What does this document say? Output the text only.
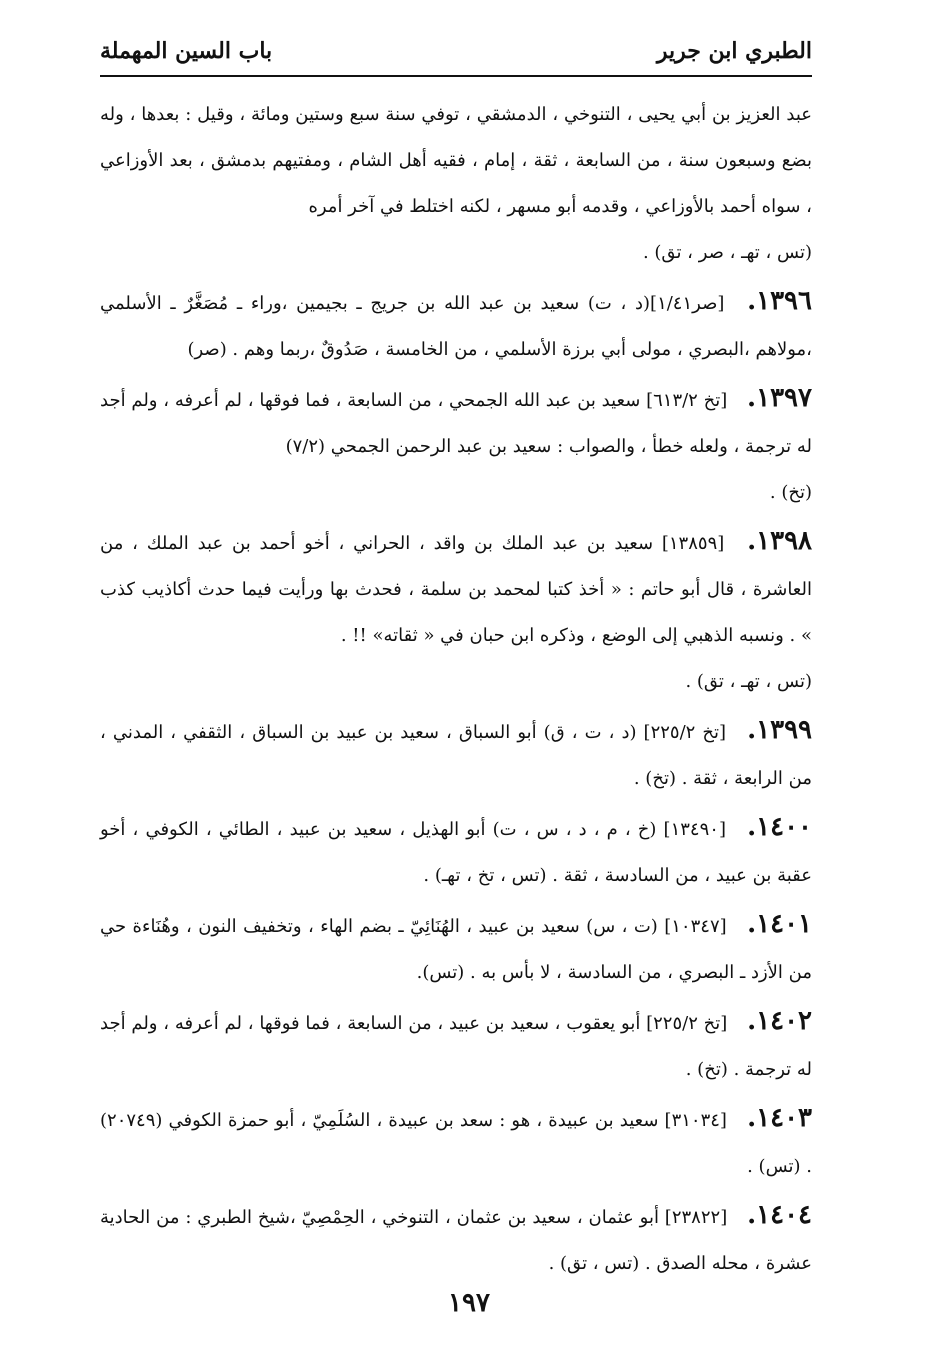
الطبري ابن جرير
باب السين المهملة
عبد العزيز بن أبي يحيى ، التنوخي ، الدمشقي ، توفي سنة سبع وستين ومائة ، وقيل : بعدها ، وله بضع وسبعون سنة ، من السابعة ، ثقة ، إمام ، فقيه أهل الشام ، ومفتيهم بدمشق ، بعد الأوزاعي ، سواه أحمد بالأوزاعي ، وقدمه أبو مسهر ، لكنه اختلط في آخر أمره
(تس ، تهـ ، صر ، تق) .
١٣٩٦. [صر١/٤١](د ، ت) سعيد بن عبد الله بن جريج ـ بجيمين ،وراء ـ مُصَغَّرٌ ـ الأسلمي ،مولاهم ،البصري ، مولى أبي برزة الأسلمي ، من الخامسة ، صَدُوقٌ ،ربما وهم . (صر)
١٣٩٧. [تخ ٦١٣/٢] سعيد بن عبد الله الجمحي ، من السابعة ، فما فوقها ، لم أعرفه ، ولم أجد له ترجمة ، ولعله خطأ ، والصواب : سعيد بن عبد الرحمن الجمحي (٧/٢)
(تخ) .
١٣٩٨. [١٣٨٥٩] سعيد بن عبد الملك بن واقد ، الحراني ، أخو أحمد بن عبد الملك ، من العاشرة ، قال أبو حاتم : « أخذ كتبا لمحمد بن سلمة ، فحدث بها ورأيت فيما حدث أكاذيب كذب » . ونسبه الذهبي إلى الوضع ، وذكره ابن حبان في « ثقاته» !! .
(تس ، تهـ ، تق) .
١٣٩٩. [تخ ٢٢٥/٢] (د ، ت ، ق) أبو السباق ، سعيد بن عبيد بن السباق ، الثقفي ، المدني ، من الرابعة ، ثقة . (تخ) .
١٤٠٠. [١٣٤٩٠] (خ ، م ، د ، س ، ت) أبو الهذيل ، سعيد بن عبيد ، الطائي ، الكوفي ، أخو عقبة بن عبيد ، من السادسة ، ثقة . (تس ، تخ ، تهـ) .
١٤٠١. [١٠٣٤٧] (ت ، س) سعيد بن عبيد ، الهُنَائِيّ ـ بضم الهاء ، وتخفيف النون ، وهُنَاءة حي من الأزد ـ البصري ، من السادسة ، لا بأس به . (تس).
١٤٠٢. [تخ ٢٢٥/٢] أبو يعقوب ، سعيد بن عبيد ، من السابعة ، فما فوقها ، لم أعرفه ، ولم أجد له ترجمة . (تخ) .
١٤٠٣. [٣١٠٣٤] سعيد بن عبيدة ، هو : سعد بن عبيدة ، السُلَمِيّ ، أبو حمزة الكوفي (٢٠٧٤٩) . (تس) .
١٤٠٤. [٢٣٨٢٢] أبو عثمان ، سعيد بن عثمان ، التنوخي ، الحِمْصِيّ ،شيخ الطبري : من الحادية عشرة ، محله الصدق . (تس ، تق) .
١٩٧
